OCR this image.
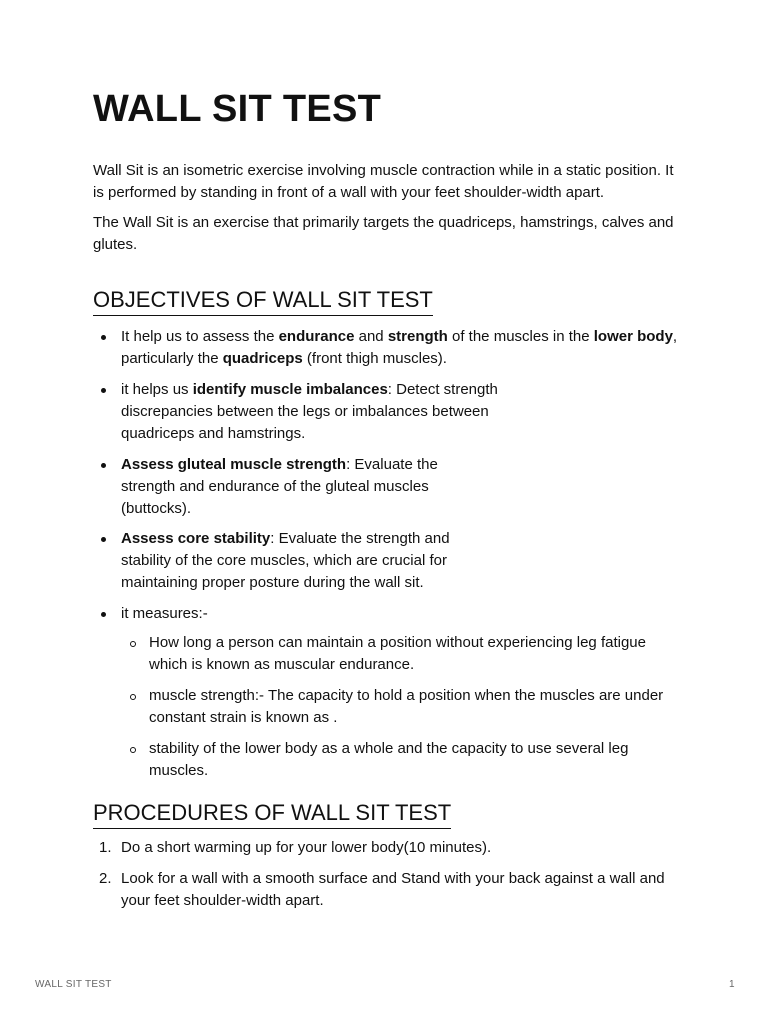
WALL SIT TEST

Wall Sit is an isometric exercise involving muscle contraction while in a static position. It is performed by standing in front of a wall with your feet shoulder-width apart.

The Wall Sit is an exercise that primarily targets the quadriceps, hamstrings, calves and glutes.

OBJECTIVES OF WALL SIT TEST
It help us to assess the endurance and strength of the muscles in the lower body, particularly the quadriceps (front thigh muscles).
it helps us identify muscle imbalances: Detect strength discrepancies between the legs or imbalances between quadriceps and hamstrings.
Assess gluteal muscle strength: Evaluate the strength and endurance of the gluteal muscles (buttocks).
Assess core stability: Evaluate the strength and stability of the core muscles, which are crucial for maintaining proper posture during the wall sit.
it measures:-
How long a person can maintain a position without experiencing leg fatigue which is known as muscular endurance.
muscle strength:- The capacity to hold a position when the muscles are under constant strain is known as .
stability of the lower body as a whole and the capacity to use several leg muscles.
PROCEDURES OF WALL SIT TEST
1. Do a short warming up for your lower body(10 minutes).
2. Look for a wall with a smooth surface and Stand with your back against a wall and your feet shoulder-width apart.
WALL SIT TEST	1
